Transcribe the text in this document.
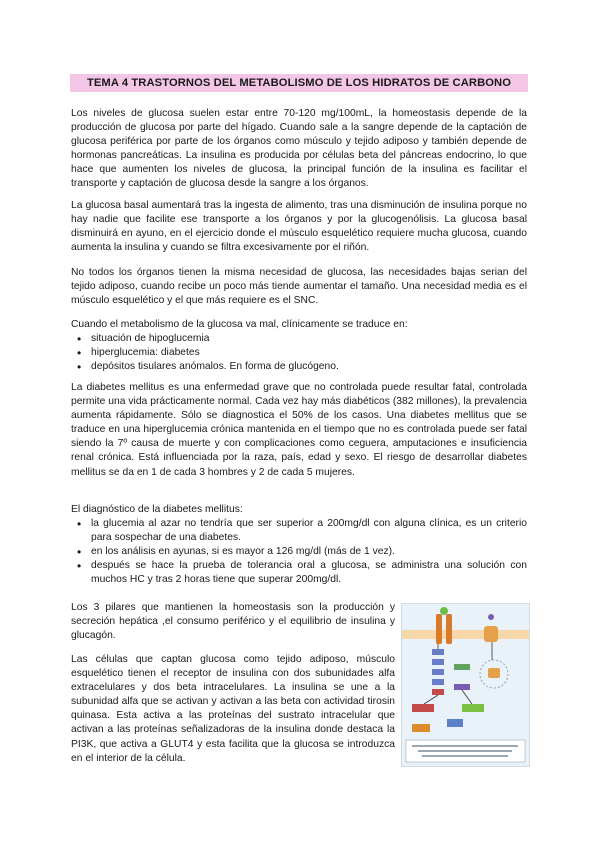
TEMA 4 TRASTORNOS DEL METABOLISMO DE LOS HIDRATOS DE CARBONO

Los niveles de glucosa suelen estar entre 70-120 mg/100mL, la homeostasis depende de la producción de glucosa por parte del hígado. Cuando sale a la sangre depende de la captación de glucosa periférica por parte de los órganos como músculo y tejido adiposo y también depende de hormonas pancreáticas. La insulina es producida por células beta del páncreas endocrino, lo que hace que aumenten los niveles de glucosa, la principal función de la insulina es facilitar el transporte y captación de glucosa desde la sangre a los órganos.

La glucosa basal aumentará tras la ingesta de alimento, tras una disminución de insulina porque no hay nadie que facilite ese transporte a los órganos y por la glucogenólisis. La glucosa basal disminuirá en ayuno, en el ejercicio donde el músculo esquelético requiere mucha glucosa, cuando aumenta la insulina y cuando se filtra excesivamente por el riñón.

No todos los órganos tienen la misma necesidad de glucosa, las necesidades bajas serian del tejido adiposo, cuando recibe un poco más tiende aumentar el tamaño. Una necesidad media es el músculo esquelético y el que más requiere es el SNC.

Cuando el metabolismo de la glucosa va mal, clínicamente se traduce en:

• situación de hipoglucemia
• hiperglucemia: diabetes
• depósitos tisulares anómalos. En forma de glucógeno.

La diabetes mellitus es una enfermedad grave que no controlada puede resultar fatal, controlada permite una vida prácticamente normal. Cada vez hay más diabéticos (382 millones), la prevalencia aumenta rápidamente. Sólo se diagnostica el 50% de los casos. Una diabetes mellitus que se traduce en una hiperglucemia crónica mantenida en el tiempo que no es controlada puede ser fatal siendo la 7º causa de muerte y con complicaciones como ceguera, amputaciones e insuficiencia renal crónica. Está influenciada por la raza, país, edad y sexo. El riesgo de desarrollar diabetes mellitus se da en 1 de cada 3 hombres y 2 de cada 5 mujeres.

El diagnóstico de la diabetes mellitus:

• la glucemia al azar no tendría que ser superior a 200mg/dl con alguna clínica, es un criterio para sospechar de una diabetes.
• en los análisis en ayunas, si es mayor a 126 mg/dl (más de 1 vez).
• después se hace la prueba de tolerancia oral a glucosa, se administra una solución con muchos HC y tras 2 horas tiene que superar 200mg/dl.

Los 3 pilares que mantienen la homeostasis son la producción y secreción hepática ,el consumo periférico y el equilibrio de insulina y glucagón.

Las células que captan glucosa como tejido adiposo, músculo esquelético tienen el receptor de insulina con dos subunidades alfa extracelulares y dos beta intracelulares. La insulina se une a la subunidad alfa que se activan y activan a las beta con actividad tirosin quinasa. Esta activa a las proteínas del sustrato intracelular que activan a las proteínas señalizadoras de la insulina donde destaca la PI3K, que activa a GLUT4 y esta facilita que la glucosa se introduzca en el interior de la célula.
